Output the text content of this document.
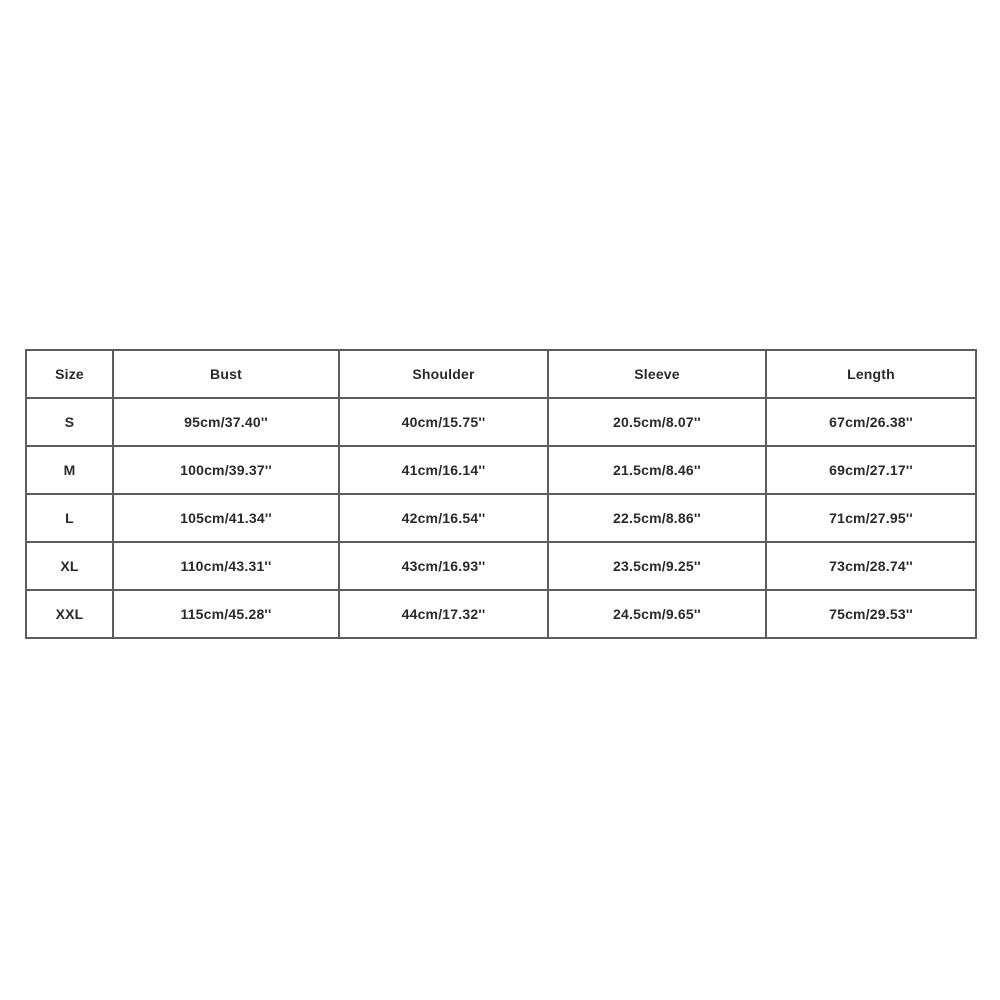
Size	Bust	Shoulder	Sleeve	Length
S	95cm/37.40''	40cm/15.75''	20.5cm/8.07''	67cm/26.38''
M	100cm/39.37''	41cm/16.14''	21.5cm/8.46''	69cm/27.17''
L	105cm/41.34''	42cm/16.54''	22.5cm/8.86''	71cm/27.95''
XL	110cm/43.31''	43cm/16.93''	23.5cm/9.25''	73cm/28.74''
XXL	115cm/45.28''	44cm/17.32''	24.5cm/9.65''	75cm/29.53''
